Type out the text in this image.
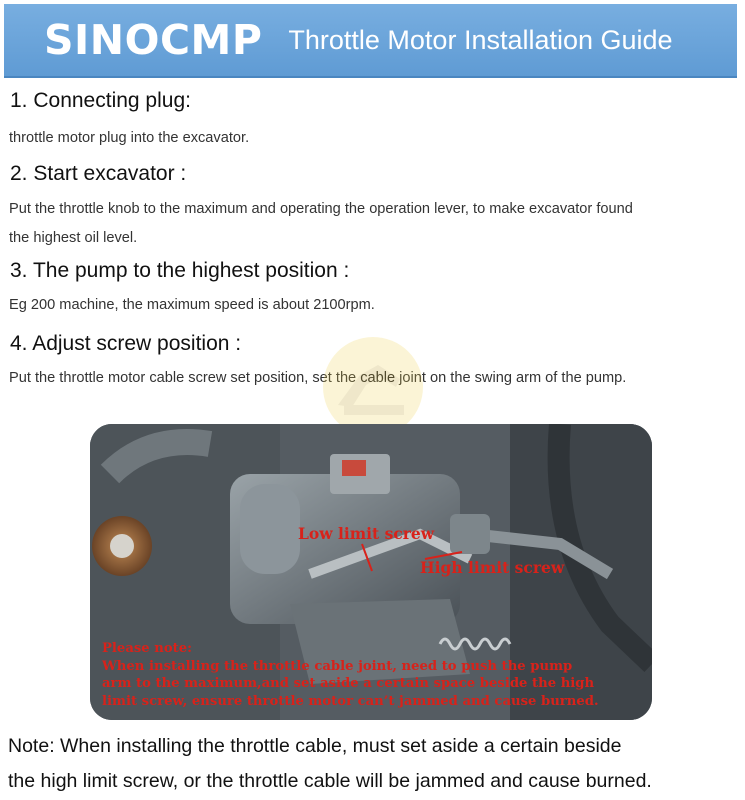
SINOCMP Throttle Motor Installation Guide
1. Connecting plug:
throttle motor plug into the excavator.
2. Start excavator :
Put the throttle knob to the maximum and operating the operation lever, to make excavator found
the highest oil level.
3. The pump to the highest position :
Eg 200 machine, the maximum speed is about 2100rpm.
4. Adjust screw position :
Put the throttle motor cable screw set position, set the cable joint on the swing arm of the pump.
Low limit screw
High limit screw
Please note:
When installing the throttle cable joint, need to push the pump
arm to the maximum,and set aside a certain space beside the high
limit screw, ensure throttle motor can’t jammed and cause burned.
Note: When installing the throttle cable, must set aside a certain beside
the high limit screw, or the throttle cable will be jammed and cause burned.
